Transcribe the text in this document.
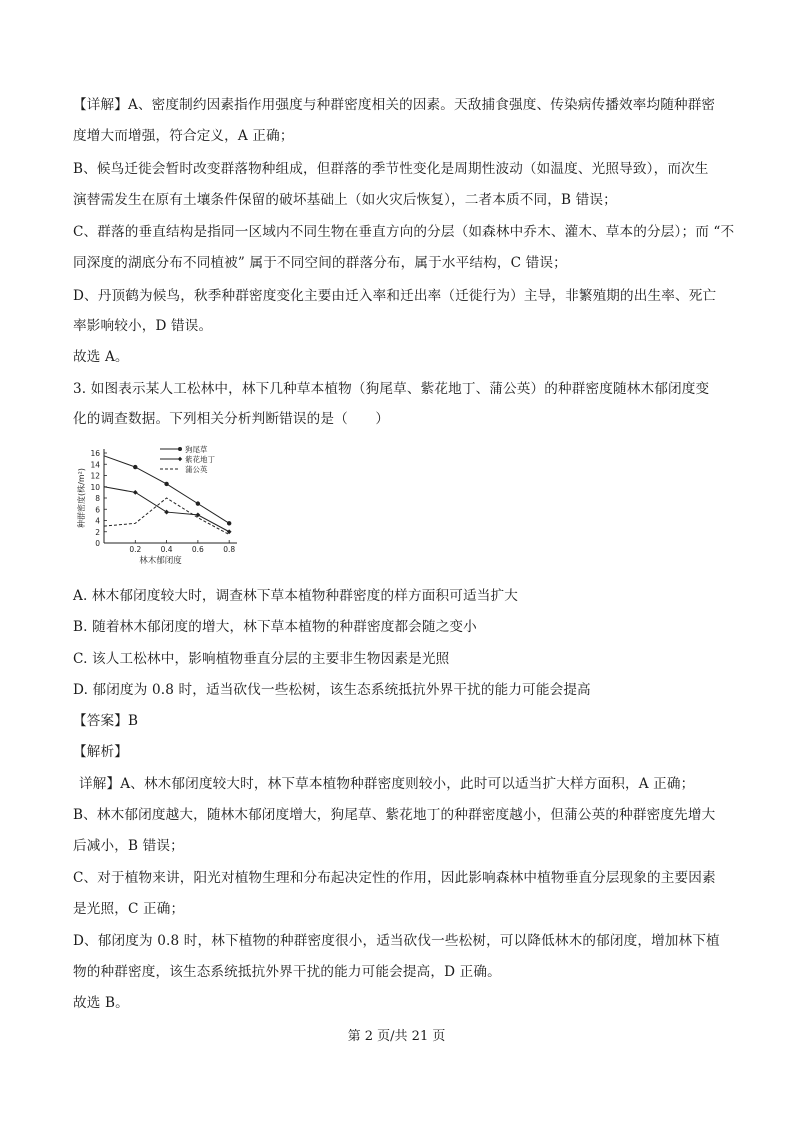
【详解】A、密度制约因素指作用强度与种群密度相关的因素。天敌捕食强度、传染病传播效率均随种群密
度增大而增强，符合定义，A 正确；
B、候鸟迁徙会暂时改变群落物种组成，但群落的季节性变化是周期性波动（如温度、光照导致），而次生
演替需发生在原有土壤条件保留的破坏基础上（如火灾后恢复），二者本质不同，B 错误；
C、群落的垂直结构是指同一区域内不同生物在垂直方向的分层（如森林中乔木、灌木、草本的分层）；而 “不
同深度的湖底分布不同植被” 属于不同空间的群落分布，属于水平结构，C 错误；
D、丹顶鹤为候鸟，秋季种群密度变化主要由迁入率和迁出率（迁徙行为）主导，非繁殖期的出生率、死亡
率影响较小，D 错误。
故选 A。
3. 如图表示某人工松林中，林下几种草本植物（狗尾草、紫花地丁、蒲公英）的种群密度随林木郁闭度变
化的调查数据。下列相关分析判断错误的是（　　）
0
2
4
6
8
10
12
14
16
0.2	0.4	0.6	0.8
林木郁闭度
种群密度(株/m²)
狗尾草
紫花地丁
蒲公英
A. 林木郁闭度较大时，调查林下草本植物种群密度的样方面积可适当扩大
B. 随着林木郁闭度的增大，林下草本植物的种群密度都会随之变小
C. 该人工松林中，影响植物垂直分层的主要非生物因素是光照
D. 郁闭度为 0.8 时，适当砍伐一些松树，该生态系统抵抗外界干扰的能力可能会提高
【答案】B
【解析】
详解】A、林木郁闭度较大时，林下草本植物种群密度则较小，此时可以适当扩大样方面积，A 正确；
B、林木郁闭度越大，随林木郁闭度增大，狗尾草、紫花地丁的种群密度越小，但蒲公英的种群密度先增大
后减小，B 错误；
C、对于植物来讲，阳光对植物生理和分布起决定性的作用，因此影响森林中植物垂直分层现象的主要因素
是光照，C 正确；
D、郁闭度为 0.8 时，林下植物的种群密度很小，适当砍伐一些松树，可以降低林木的郁闭度，增加林下植
物的种群密度，该生态系统抵抗外界干扰的能力可能会提高，D 正确。
故选 B。
第 2 页/共 21 页
